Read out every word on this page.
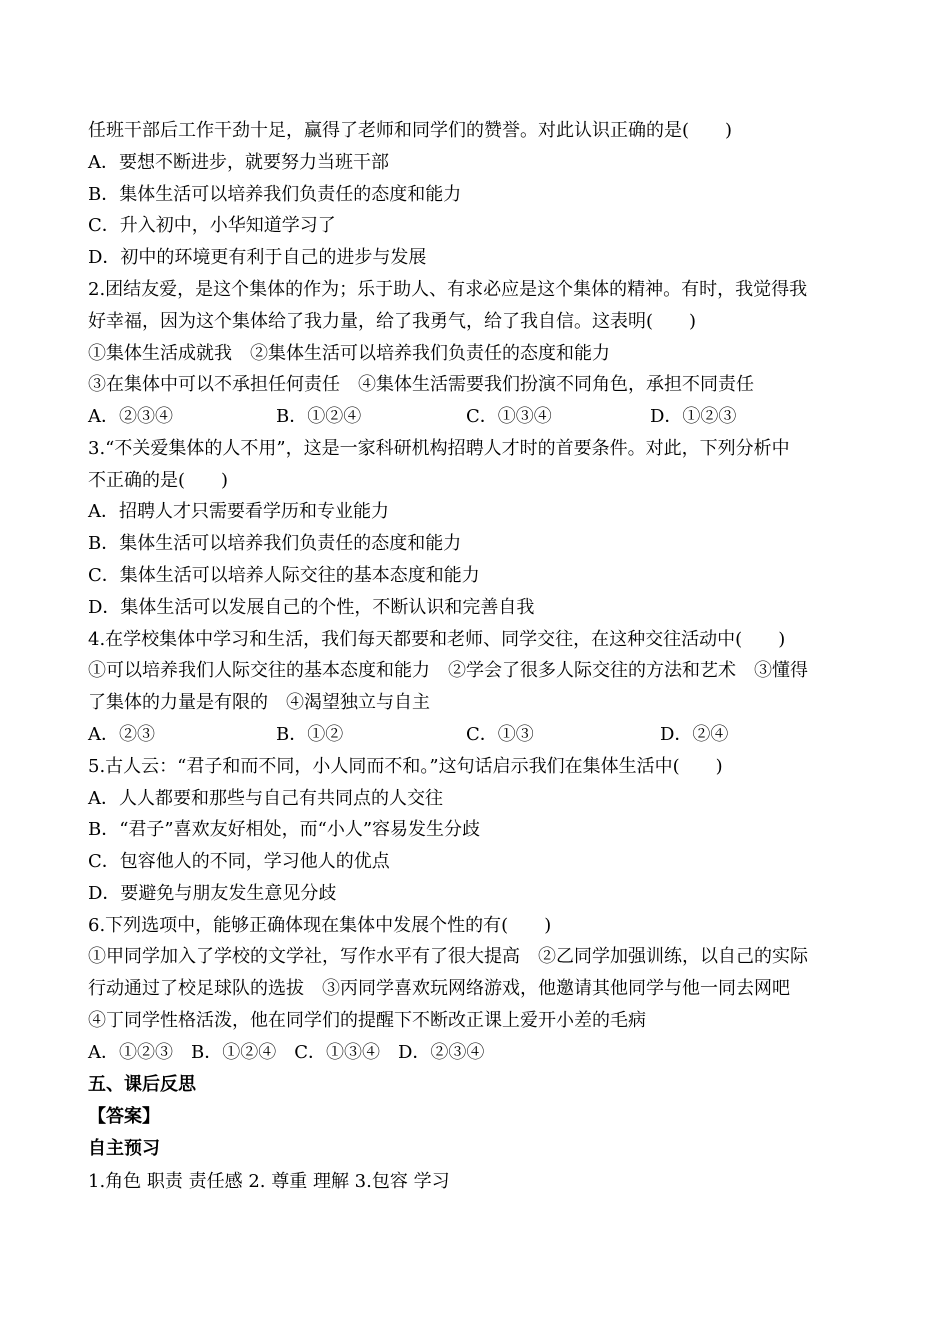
任班干部后工作干劲十足，赢得了老师和同学们的赞誉。对此认识正确的是(　　)
A．要想不断进步，就要努力当班干部
B．集体生活可以培养我们负责任的态度和能力
C．升入初中，小华知道学习了
D．初中的环境更有利于自己的进步与发展
2.团结友爱，是这个集体的作为；乐于助人、有求必应是这个集体的精神。有时，我觉得我
好幸福，因为这个集体给了我力量，给了我勇气，给了我自信。这表明(　　)
①集体生活成就我　②集体生活可以培养我们负责任的态度和能力
③在集体中可以不承担任何责任　④集体生活需要我们扮演不同角色，承担不同责任
A．②③④	B．①②④	C．①③④	D．①②③
3.“不关爱集体的人不用”，这是一家科研机构招聘人才时的首要条件。对此，下列分析中
不正确的是(　　)
A．招聘人才只需要看学历和专业能力
B．集体生活可以培养我们负责任的态度和能力
C．集体生活可以培养人际交往的基本态度和能力
D．集体生活可以发展自己的个性，不断认识和完善自我
4.在学校集体中学习和生活，我们每天都要和老师、同学交往，在这种交往活动中(　　)
①可以培养我们人际交往的基本态度和能力　②学会了很多人际交往的方法和艺术　③懂得
了集体的力量是有限的　④渴望独立与自主
A．②③	B．①②	C．①③	D．②④
5.古人云：“君子和而不同，小人同而不和。”这句话启示我们在集体生活中(　　)
A．人人都要和那些与自己有共同点的人交往
B．“君子”喜欢友好相处，而“小人”容易发生分歧
C．包容他人的不同，学习他人的优点
D．要避免与朋友发生意见分歧
6.下列选项中，能够正确体现在集体中发展个性的有(　　)
①甲同学加入了学校的文学社，写作水平有了很大提高　②乙同学加强训练，以自己的实际
行动通过了校足球队的选拔　③丙同学喜欢玩网络游戏，他邀请其他同学与他一同去网吧
④丁同学性格活泼，他在同学们的提醒下不断改正课上爱开小差的毛病
A．①②③　B．①②④　C．①③④　D．②③④
五、课后反思
【答案】
自主预习
1.角色 职责 责任感 2. 尊重 理解 3.包容 学习
